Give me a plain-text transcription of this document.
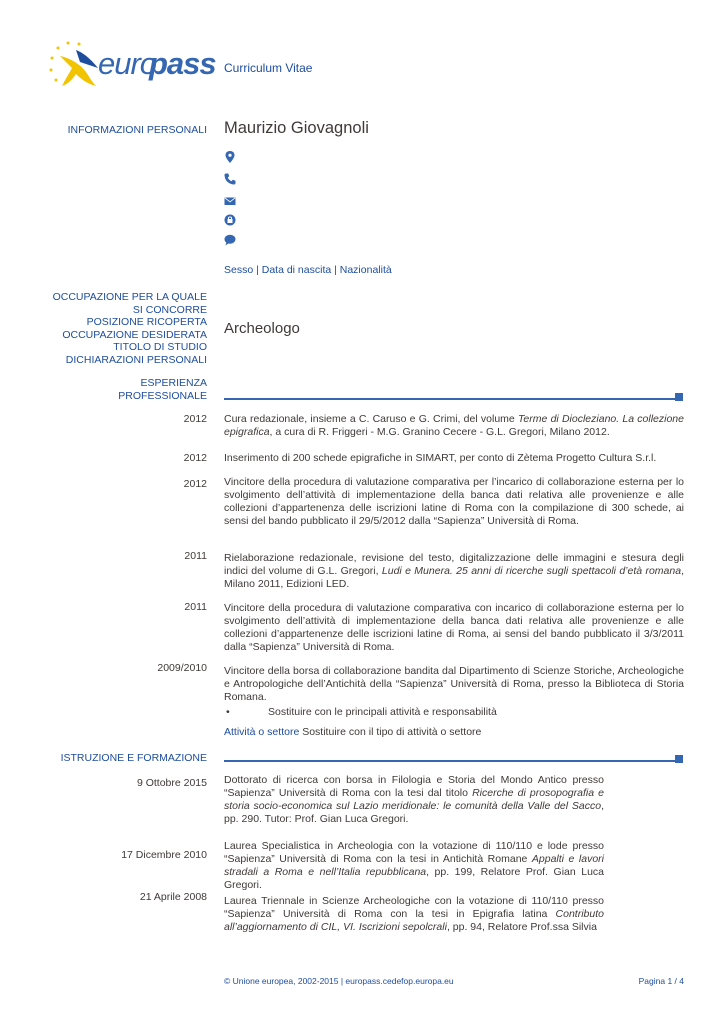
euro
pass Curriculum Vitae
INFORMAZIONI PERSONALI Maurizio Giovagnoli
Sesso | Data di nascita | Nazionalità
OCCUPAZIONE PER LA QUALE SI CONCORRE
POSIZIONE RICOPERTA
OCCUPAZIONE DESIDERATA
TITOLO DI STUDIO
DICHIARAZIONI PERSONALI
Archeologo
ESPERIENZA
PROFESSIONALE
2012 Cura redazionale, insieme a C. Caruso e G. Crimi, del volume Terme di Diocleziano. La collezione epigrafica, a cura di R. Friggeri - M.G. Granino Cecere - G.L. Gregori, Milano 2012.
2012 Inserimento di 200 schede epigrafiche in SIMART, per conto di Zètema Progetto Cultura S.r.l.
2012 Vincitore della procedura di valutazione comparativa per l’incarico di collaborazione esterna per lo svolgimento dell’attività di implementazione della banca dati relativa alle provenienze e alle collezioni d’appartenenza delle iscrizioni latine di Roma con la compilazione di 300 schede, ai sensi del bando pubblicato il 29/5/2012 dalla “Sapienza” Università di Roma.
2011 Rielaborazione redazionale, revisione del testo, digitalizzazione delle immagini e stesura degli indici del volume di G.L. Gregori, Ludi e Munera. 25 anni di ricerche sugli spettacoli d’età romana, Milano 2011, Edizioni LED.
2011 Vincitore della procedura di valutazione comparativa con incarico di collaborazione esterna per lo svolgimento dell’attività di implementazione della banca dati relativa alle provenienze e alle collezioni d’appartenenze delle iscrizioni latine di Roma, ai sensi del bando pubblicato il 3/3/2011 dalla “Sapienza” Università di Roma.
2009/2010 Vincitore della borsa di collaborazione bandita dal Dipartimento di Scienze Storiche, Archeologiche e Antropologiche dell’Antichità della “Sapienza” Università di Roma, presso la Biblioteca di Storia Romana.
•	Sostituire con le principali attività e responsabilità
Attività o settore Sostituire con il tipo di attività o settore
ISTRUZIONE E FORMAZIONE
9 Ottobre 2015 Dottorato di ricerca con borsa in Filologia e Storia del Mondo Antico presso “Sapienza” Università di Roma con la tesi dal titolo Ricerche di prosopografia e storia socio-economica sul Lazio meridionale: le comunità della Valle del Sacco, pp. 290. Tutor: Prof. Gian Luca Gregori.
17 Dicembre 2010
Laurea Specialistica in Archeologia con la votazione di 110/110 e lode presso “Sapienza” Università di Roma con la tesi in Antichità Romane Appalti e lavori stradali a Roma e nell’Italia repubblicana, pp. 199, Relatore Prof. Gian Luca Gregori.
21 Aprile 2008 Laurea Triennale in Scienze Archeologiche con la votazione di 110/110 presso “Sapienza” Università di Roma con la tesi in Epigrafia latina Contributo all’aggiornamento di CIL, VI. Iscrizioni sepolcrali, pp. 94, Relatore Prof.ssa Silvia
© Unione europea, 2002-2015 | europass.cedefop.europa.eu	Pagina 1 / 4
